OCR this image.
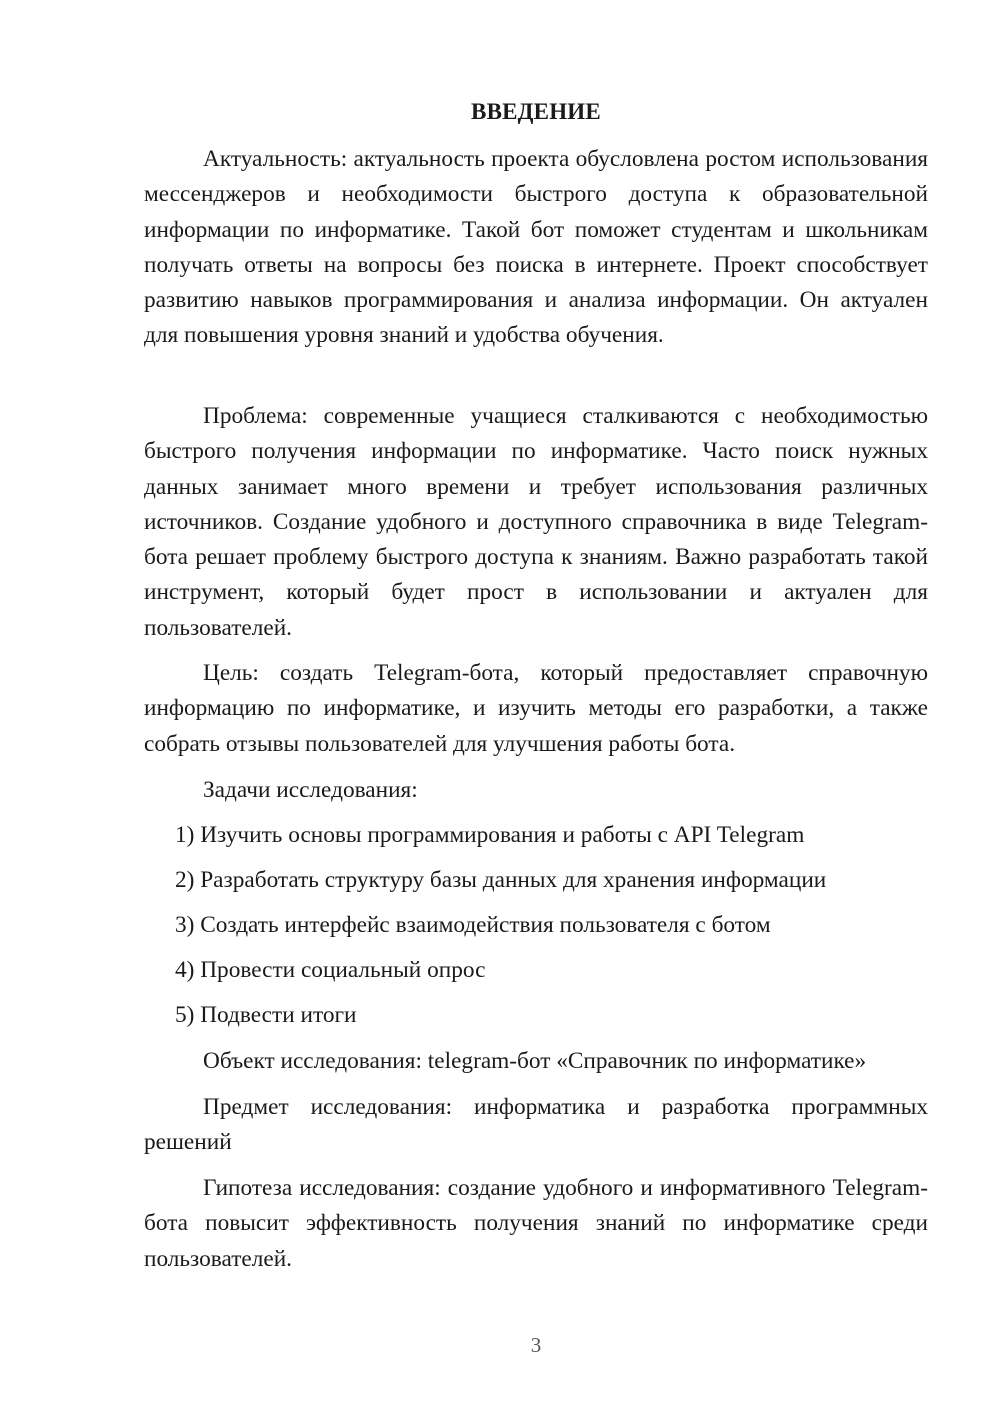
ВВЕДЕНИЕ

Актуальность: актуальность проекта обусловлена ростом использования мессенджеров и необходимости быстрого доступа к образовательной информации по информатике. Такой бот поможет студентам и школьникам получать ответы на вопросы без поиска в интернете. Проект способствует развитию навыков программирования и анализа информации. Он актуален для повышения уровня знаний и удобства обучения.

Проблема: современные учащиеся сталкиваются с необходимостью быстрого получения информации по информатике. Часто поиск нужных данных занимает много времени и требует использования различных источников. Создание удобного и доступного справочника в виде Telegram-бота решает проблему быстрого доступа к знаниям. Важно разработать такой инструмент, который будет прост в использовании и актуален для пользователей.

Цель: создать Telegram-бота, который предоставляет справочную информацию по информатике, и изучить методы его разработки, а также собрать отзывы пользователей для улучшения работы бота.

Задачи исследования:

1) Изучить основы программирования и работы с API Telegram

2) Разработать структуру базы данных для хранения информации

3) Создать интерфейс взаимодействия пользователя с ботом

4) Провести социальный опрос

5) Подвести итоги

Объект исследования: telegram-бот «Справочник по информатике»

Предмет исследования: информатика и разработка программных решений

Гипотеза исследования: создание удобного и информативного Telegram-бота повысит эффективность получения знаний по информатике среди пользователей.

3
